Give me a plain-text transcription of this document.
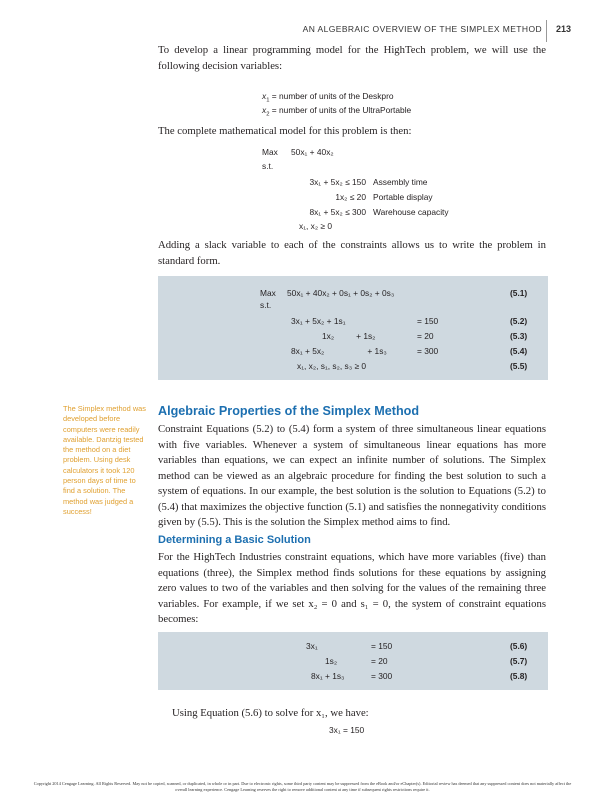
AN ALGEBRAIC OVERVIEW OF THE SIMPLEX METHOD 213

To develop a linear programming model for the HighTech problem, we will use the following decision variables:

$x_1$ = number of units of the Deskpro
$x_2$ = number of units of the UltraPortable

The complete mathematical model for this problem is then:

Max 50x₁ + 40x₂
s.t.
3x₁ + 5x₂ ≤ 150 Assembly time
1x₂ ≤ 20 Portable display
8x₁ + 5x₂ ≤ 300 Warehouse capacity
x₁, x₂ ≥ 0

Adding a slack variable to each of the constraints allows us to write the problem in standard form.

Max 50x₁ + 40x₂ + 0s₁ + 0s₂ + 0s₃	(5.1)
s.t.
3x₁ + 5x₂ + 1s₁	= 150	(5.2)
1x₂	+ 1s₂	= 20	(5.3)
8x₁ + 5x₂	+ 1s₃	= 300	(5.4)
x₁, x₂, s₁, s₂, s₃ ≥ 0	(5.5)
The Simplex method was developed before computers were readily available. Dantzig tested the method on a diet problem. Using desk calculators it took 120 person days of time to find a solution. The method was judged a success!
Algebraic Properties of the Simplex Method

Constraint Equations (5.2) to (5.4) form a system of three simultaneous linear equations with five variables. Whenever a system of simultaneous linear equations has more variables than equations, we can expect an infinite number of solutions. The Simplex method can be viewed as an algebraic procedure for finding the best solution to such a system of equations. In our example, the best solution is the solution to Equations (5.2) to (5.4) that maximizes the objective function (5.1) and satisfies the nonnegativity conditions given by (5.5). This is the solution the Simplex method aims to find.

Determining a Basic Solution

For the HighTech Industries constraint equations, which have more variables (five) than equations (three), the Simplex method finds solutions for these equations by assigning zero values to two of the variables and then solving for the values of the remaining three variables. For example, if we set x₂ = 0 and s₁ = 0, the system of constraint equations becomes:

3x₁	= 150	(5.6)
1s₂	= 20	(5.7)
8x₁ + 1s₃	= 300	(5.8)

Using Equation (5.6) to solve for x₁, we have:

3x₁ = 150
Copyright 2014 Cengage Learning. All Rights Reserved. May not be copied, scanned, or duplicated, in whole or in part. Due to electronic rights, some third party content may be suppressed from the eBook and/or eChapter(s). Editorial review has deemed that any suppressed content does not materially affect the overall learning experience. Cengage Learning reserves the right to remove additional content at any time if subsequent rights restrictions require it.
